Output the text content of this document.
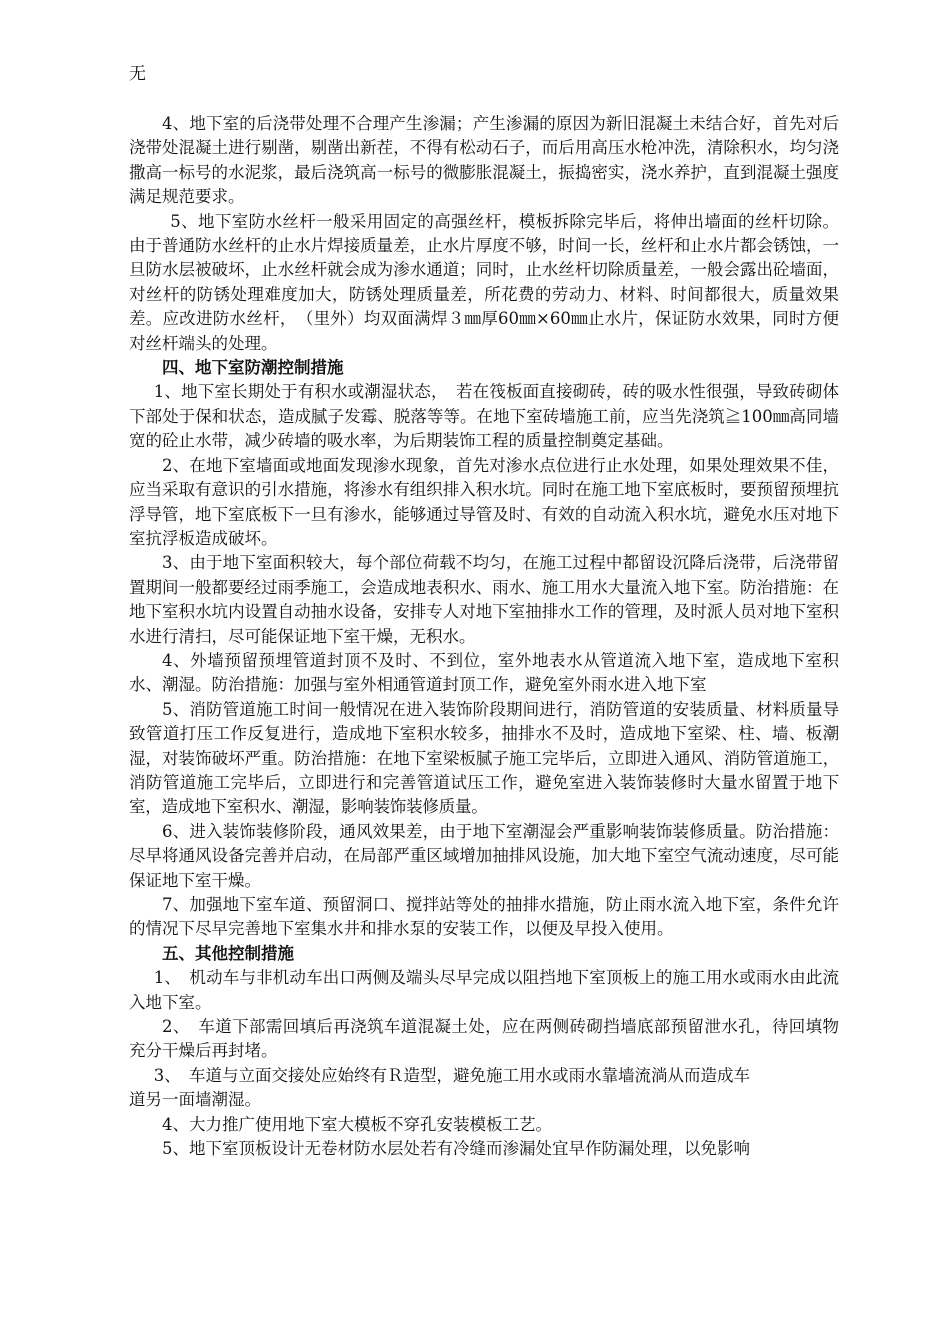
无

4、地下室的后浇带处理不合理产生渗漏；产生渗漏的原因为新旧混凝土未结合好，首先对后浇带处混凝土进行剔凿，剔凿出新茬，不得有松动石子，而后用高压水枪冲洗，清除积水，均匀浇撒高一标号的水泥浆，最后浇筑高一标号的微膨胀混凝土，振捣密实，浇水养护，直到混凝土强度满足规范要求。

5、地下室防水丝杆一般采用固定的高强丝杆，模板拆除完毕后，将伸出墙面的丝杆切除。由于普通防水丝杆的止水片焊接质量差，止水片厚度不够，时间一长，丝杆和止水片都会锈蚀，一旦防水层被破坏，止水丝杆就会成为渗水通道；同时，止水丝杆切除质量差，一般会露出砼墙面，对丝杆的防锈处理难度加大，防锈处理质量差，所花费的劳动力、材料、时间都很大，质量效果差。应改进防水丝杆，　（里外）均双面满焊３㎜厚60㎜×60㎜止水片，保证防水效果，同时方便对丝杆端头的处理。

四、地下室防潮控制措施

1、地下室长期处于有积水或潮湿状态，　若在筏板面直接砌砖，砖的吸水性很强，导致砖砌体下部处于保和状态，造成腻子发霉、脱落等等。在地下室砖墙施工前，应当先浇筑≧100㎜高同墙宽的砼止水带，减少砖墙的吸水率，为后期装饰工程的质量控制奠定基础。

2、在地下室墙面或地面发现渗水现象，首先对渗水点位进行止水处理，如果处理效果不佳，应当采取有意识的引水措施，将渗水有组织排入积水坑。同时在施工地下室底板时，要预留预埋抗浮导管，地下室底板下一旦有渗水，能够通过导管及时、有效的自动流入积水坑，避免水压对地下室抗浮板造成破坏。

3、由于地下室面积较大，每个部位荷载不均匀，在施工过程中都留设沉降后浇带，后浇带留置期间一般都要经过雨季施工，会造成地表积水、雨水、施工用水大量流入地下室。防治措施：在地下室积水坑内设置自动抽水设备，安排专人对地下室抽排水工作的管理，及时派人员对地下室积水进行清扫，尽可能保证地下室干燥，无积水。

4、外墙预留预埋管道封顶不及时、不到位，室外地表水从管道流入地下室，造成地下室积水、潮湿。防治措施：加强与室外相通管道封顶工作，避免室外雨水进入地下室

5、消防管道施工时间一般情况在进入装饰阶段期间进行，消防管道的安装质量、材料质量导致管道打压工作反复进行，造成地下室积水较多，抽排水不及时，造成地下室梁、柱、墙、板潮湿，对装饰破坏严重。防治措施：在地下室梁板腻子施工完毕后，立即进入通风、消防管道施工，消防管道施工完毕后，立即进行和完善管道试压工作，避免室进入装饰装修时大量水留置于地下室，造成地下室积水、潮湿，影响装饰装修质量。

6、进入装饰装修阶段，通风效果差，由于地下室潮湿会严重影响装饰装修质量。防治措施：尽早将通风设备完善并启动，在局部严重区域增加抽排风设施，加大地下室空气流动速度，尽可能保证地下室干燥。

7、加强地下室车道、预留洞口、搅拌站等处的抽排水措施，防止雨水流入地下室，条件允许的情况下尽早完善地下室集水井和排水泵的安装工作，以便及早投入使用。

五、其他控制措施

1、　机动车与非机动车出口两侧及端头尽早完成以阻挡地下室顶板上的施工用水或雨水由此流入地下室。

2、　车道下部需回填后再浇筑车道混凝土处，应在两侧砖砌挡墙底部预留泄水孔，待回填物充分干燥后再封堵。

3、　车道与立面交接处应始终有Ｒ造型，避免施工用水或雨水靠墙流淌从而造成车

道另一面墙潮湿。

4、大力推广使用地下室大模板不穿孔安装模板工艺。

5、地下室顶板设计无卷材防水层处若有冷缝而渗漏处宜早作防漏处理，以免影响
